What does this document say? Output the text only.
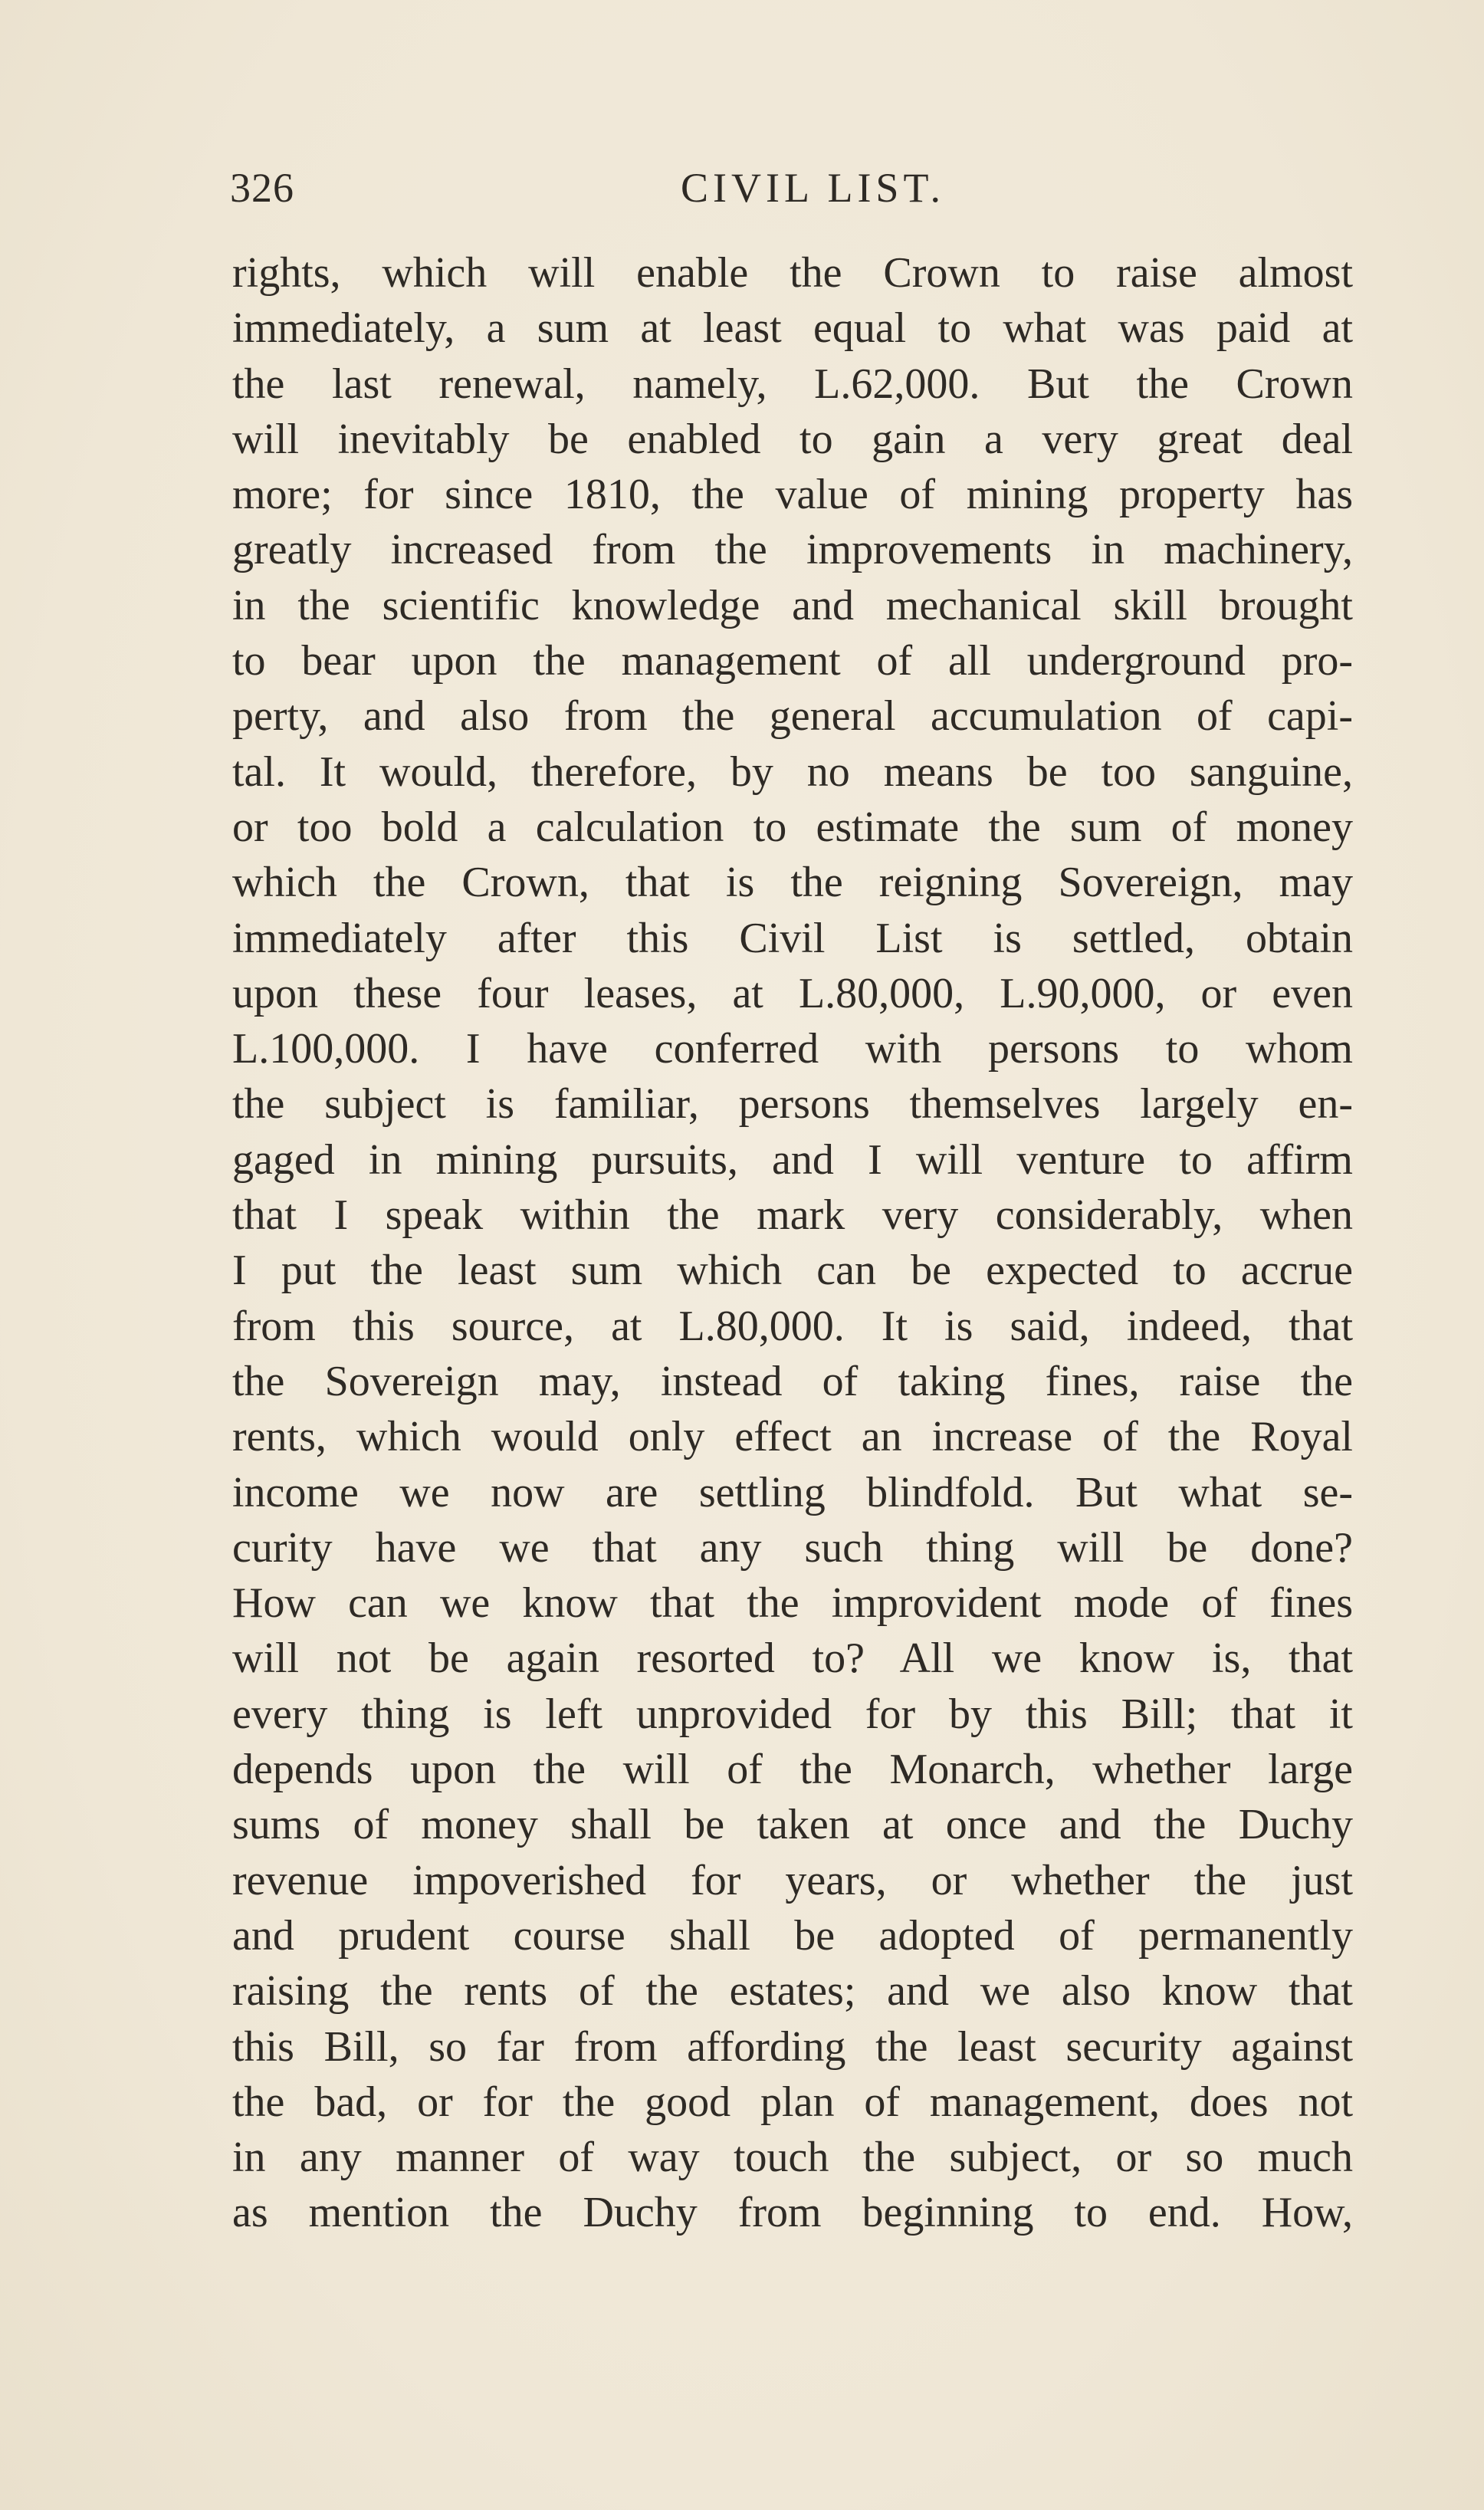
326	CIVIL LIST.
rights, which will enable the Crown to raise almost
immediately, a sum at least equal to what was paid at
the last renewal, namely, L.62,000. But the Crown
will inevitably be enabled to gain a very great deal
more; for since 1810, the value of mining property has
greatly increased from the improvements in machinery,
in the scientific knowledge and mechanical skill brought
to bear upon the management of all underground pro-
perty, and also from the general accumulation of capi-
tal. It would, therefore, by no means be too sanguine,
or too bold a calculation to estimate the sum of money
which the Crown, that is the reigning Sovereign, may
immediately after this Civil List is settled, obtain
upon these four leases, at L.80,000, L.90,000, or even
L.100,000. I have conferred with persons to whom
the subject is familiar, persons themselves largely en-
gaged in mining pursuits, and I will venture to affirm
that I speak within the mark very considerably, when
I put the least sum which can be expected to accrue
from this source, at L.80,000. It is said, indeed, that
the Sovereign may, instead of taking fines, raise the
rents, which would only effect an increase of the Royal
income we now are settling blindfold. But what se-
curity have we that any such thing will be done?
How can we know that the improvident mode of fines
will not be again resorted to? All we know is, that
every thing is left unprovided for by this Bill; that it
depends upon the will of the Monarch, whether large
sums of money shall be taken at once and the Duchy
revenue impoverished for years, or whether the just
and prudent course shall be adopted of permanently
raising the rents of the estates; and we also know that
this Bill, so far from affording the least security against
the bad, or for the good plan of management, does not
in any manner of way touch the subject, or so much
as mention the Duchy from beginning to end. How,
